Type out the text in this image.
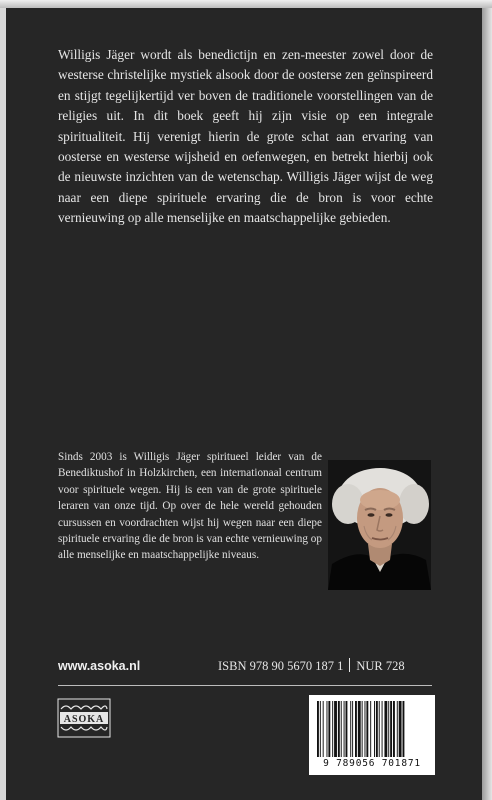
Willigis Jäger wordt als benedictijn en zen-meester zowel door de westerse christelijke mystiek alsook door de oosterse zen geïnspireerd en stijgt tegelijkertijd ver boven de traditionele voorstellingen van de religies uit. In dit boek geeft hij zijn visie op een integrale spiritualiteit. Hij verenigt hierin de grote schat aan ervaring van oosterse en westerse wijsheid en oefenwegen, en betrekt hierbij ook de nieuwste inzichten van de wetenschap. Willigis Jäger wijst de weg naar een diepe spirituele ervaring die de bron is voor echte vernieuwing op alle menselijke en maatschappelijke gebieden.

Sinds 2003 is Willigis Jäger spiritueel leider van de Benediktushof in Holzkirchen, een internationaal centrum voor spirituele wegen. Hij is een van de grote spirituele leraren van onze tijd. Op over de hele wereld gehouden cursussen en voordrachten wijst hij wegen naar een diepe spirituele ervaring die de bron is van echte vernieuwing op alle menselijke en maatschappelijke niveaus.

www.asoka.nl	ISBN 978 90 5670 187 1 NUR 728
ASOKA
9 789056 701871
